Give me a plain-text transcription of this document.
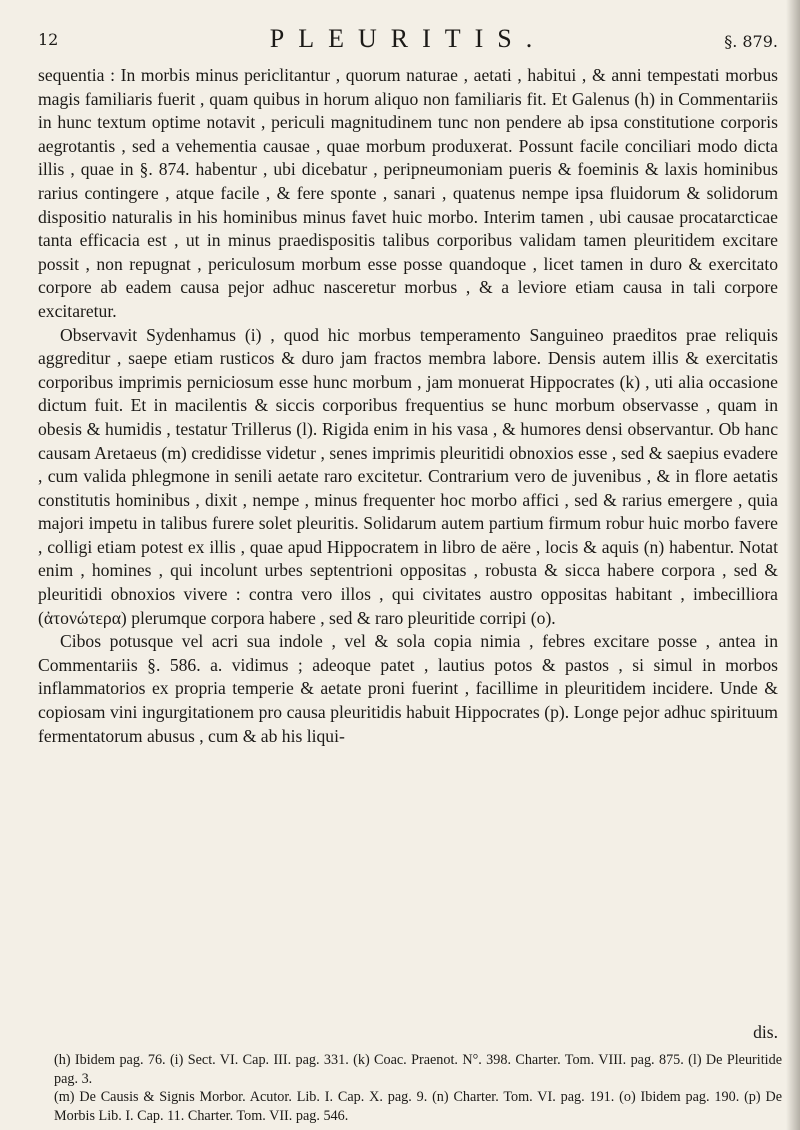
12	PLEURITIS.	§. 879.

sequentia : In morbis minus periclitantur , quorum naturae , aetati , habitui , & anni tempestati morbus magis familiaris fuerit , quam quibus in horum aliquo non familiaris fit. Et Galenus (h) in Commentariis in hunc textum optime notavit , periculi magnitudinem tunc non pendere ab ipsa constitutione corporis aegrotantis , sed a vehementia causae , quae morbum produxerat. Possunt facile conciliari modo dicta illis , quae in §. 874. habentur , ubi dicebatur , peripneumoniam pueris & foeminis & laxis hominibus rarius contingere , atque facile , & fere sponte , sanari , quatenus nempe ipsa fluidorum & solidorum dispositio naturalis in his hominibus minus favet huic morbo. Interim tamen , ubi causae procatarcticae tanta efficacia est , ut in minus praedispositis talibus corporibus validam tamen pleuritidem excitare possit , non repugnat , periculosum morbum esse posse quandoque , licet tamen in duro & exercitato corpore ab eadem causa pejor adhuc nasceretur morbus , & a leviore etiam causa in tali corpore excitaretur.

Observavit Sydenhamus (i) , quod hic morbus temperamento Sanguineo praeditos prae reliquis aggreditur , saepe etiam rusticos & duro jam fractos membra labore. Densis autem illis & exercitatis corporibus imprimis perniciosum esse hunc morbum , jam monuerat Hippocrates (k) , uti alia occasione dictum fuit. Et in macilentis & siccis corporibus frequentius se hunc morbum observasse , quam in obesis & humidis , testatur Trillerus (l). Rigida enim in his vasa , & humores densi observantur. Ob hanc causam Aretaeus (m) credidisse videtur , senes imprimis pleuritidi obnoxios esse , sed & saepius evadere , cum valida phlegmone in senili aetate raro excitetur. Contrarium vero de juvenibus , & in flore aetatis constitutis hominibus , dixit , nempe , minus frequenter hoc morbo affici , sed & rarius emergere , quia majori impetu in talibus furere solet pleuritis. Solidarum autem partium firmum robur huic morbo favere , colligi etiam potest ex illis , quae apud Hippocratem in libro de aëre , locis & aquis (n) habentur. Notat enim , homines , qui incolunt urbes septentrioni oppositas , robusta & sicca habere corpora , sed & pleuritidi obnoxios vivere : contra vero illos , qui civitates austro oppositas habitant , imbecilliora (ἀτονώτερα) plerumque corpora habere , sed & raro pleuritide corripi (o).

Cibos potusque vel acri sua indole , vel & sola copia nimia , febres excitare posse , antea in Commentariis §. 586. a. vidimus ; adeoque patet , lautius potos & pastos , si simul in morbos inflammatorios ex propria temperie & aetate proni fuerint , facillime in pleuritidem incidere. Unde & copiosam vini ingurgitationem pro causa pleuritidis habuit Hippocrates (p). Longe pejor adhuc spirituum fermentatorum abusus , cum & ab his liqui-

dis.

(h) Ibidem pag. 76. (i) Sect. VI. Cap. III. pag. 331. (k) Coac. Praenot. N°. 398. Charter. Tom. VIII. pag. 875. (l) De Pleuritide pag. 3.

(m) De Causis & Signis Morbor. Acutor. Lib. I. Cap. X. pag. 9. (n) Charter. Tom. VI. pag. 191. (o) Ibidem pag. 190. (p) De Morbis Lib. I. Cap. 11. Charter. Tom. VII. pag. 546.
